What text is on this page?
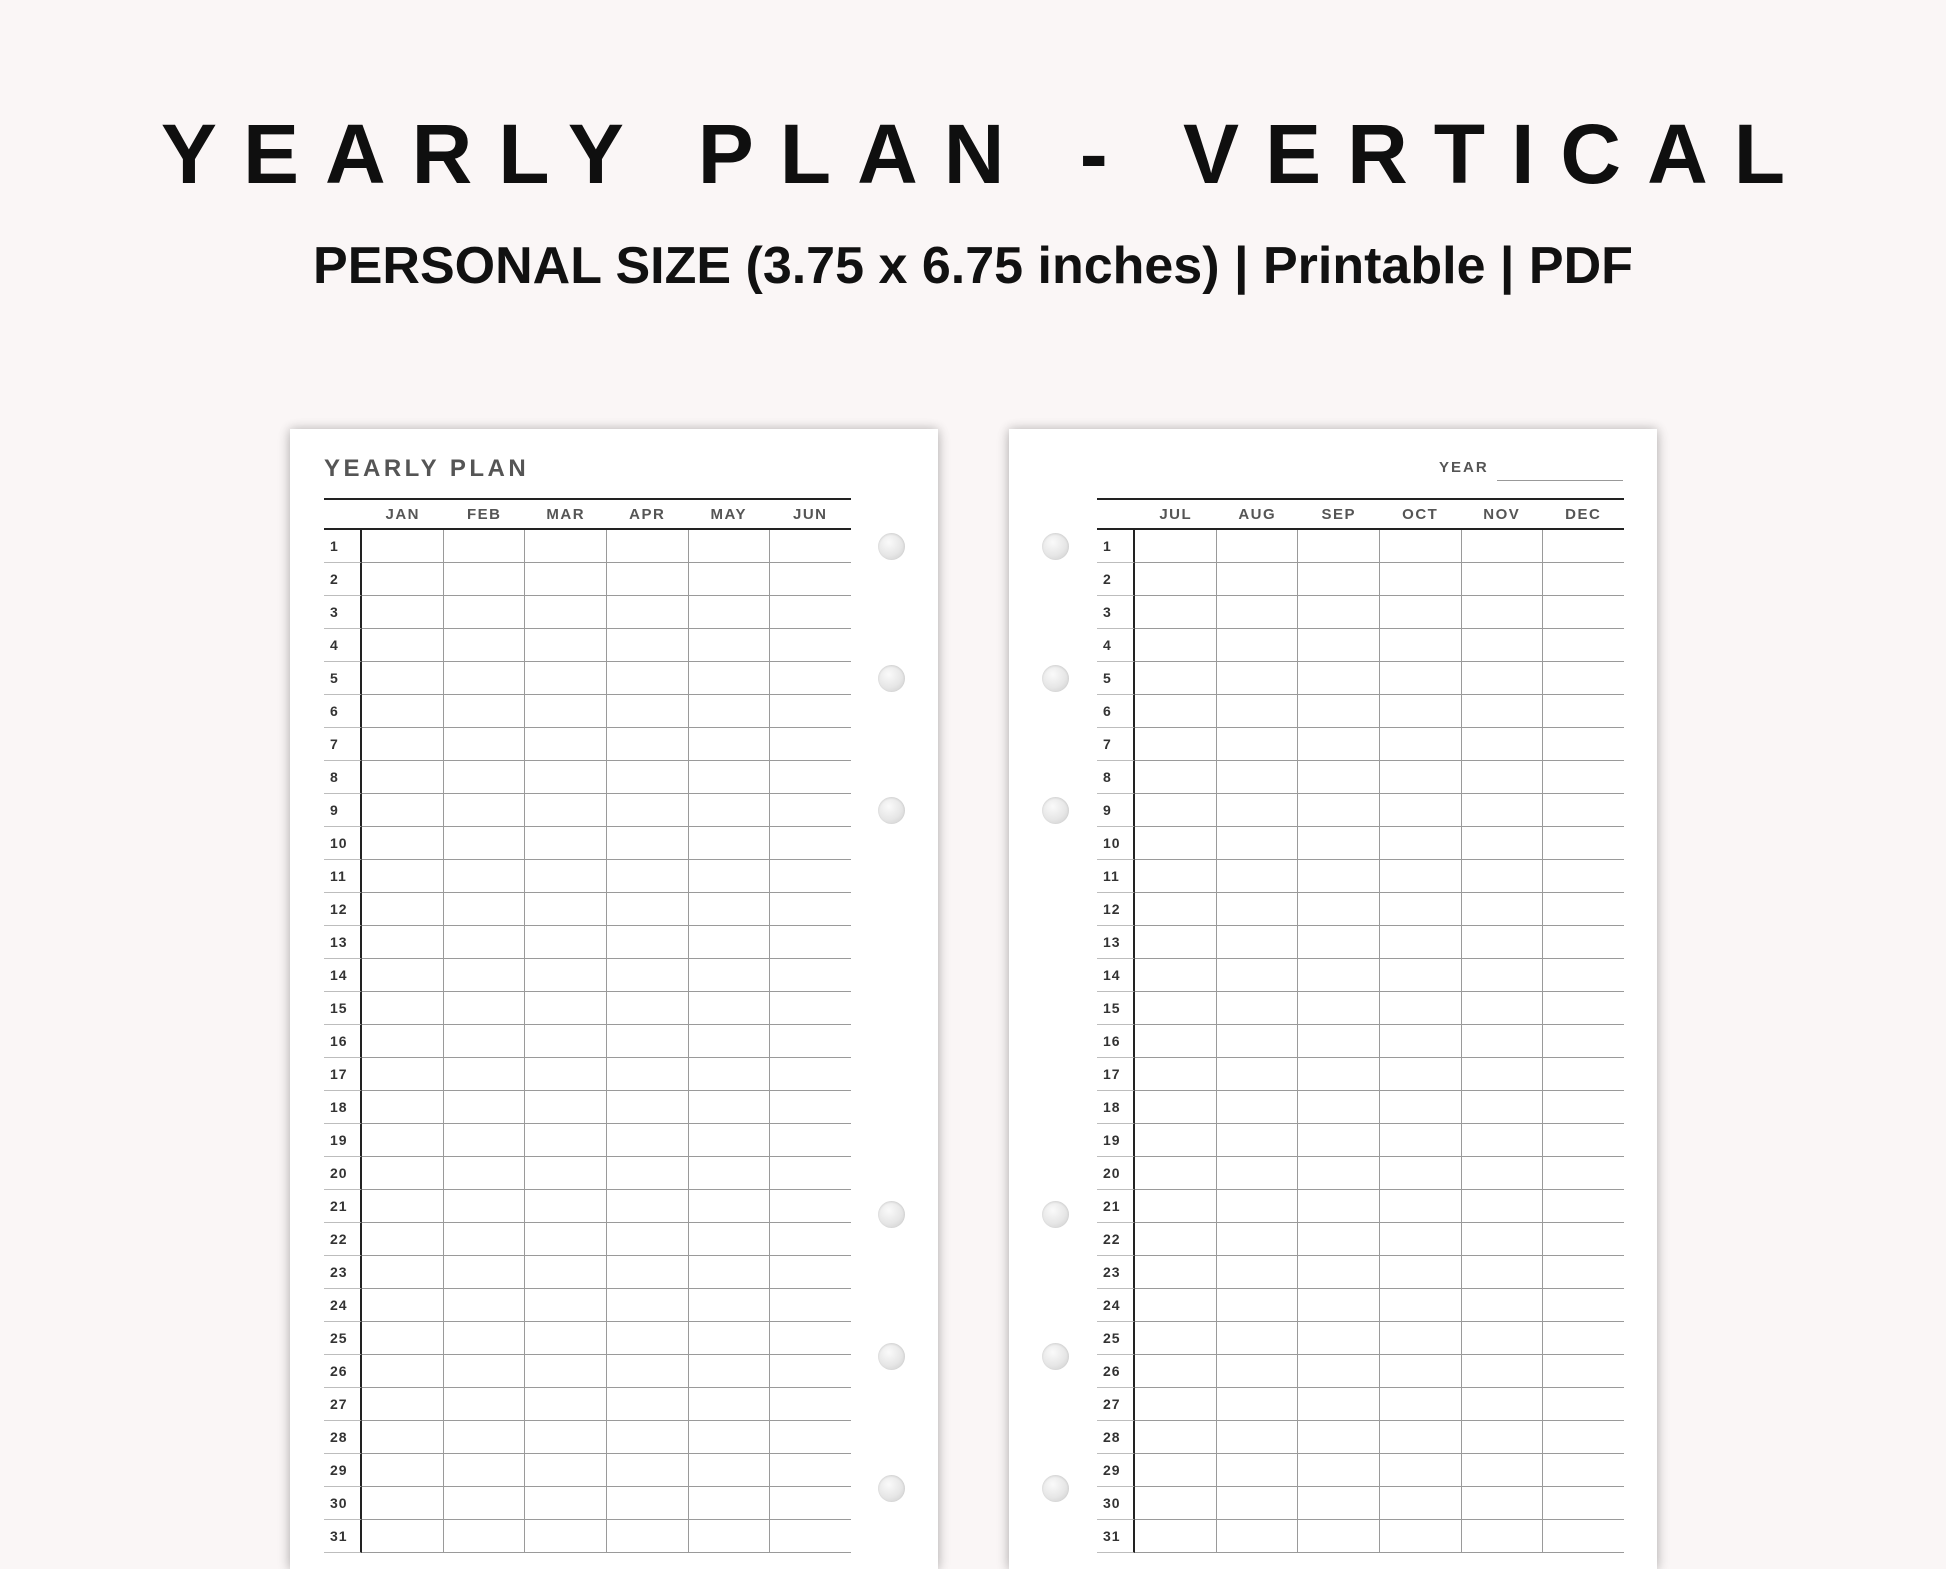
YEARLY PLAN - VERTICAL
PERSONAL SIZE (3.75 x 6.75 inches) | Printable | PDF
YEARLY PLAN
JAN	FEB	MAR	APR	MAY	JUN
1
2
3
4
5
6
7
8
9
10
11
12
13
14
15
16
17
18
19
20
21
22
23
24
25
26
27
28
29
30
31
YEAR
JUL	AUG	SEP	OCT	NOV	DEC
1
2
3
4
5
6
7
8
9
10
11
12
13
14
15
16
17
18
19
20
21
22
23
24
25
26
27
28
29
30
31
